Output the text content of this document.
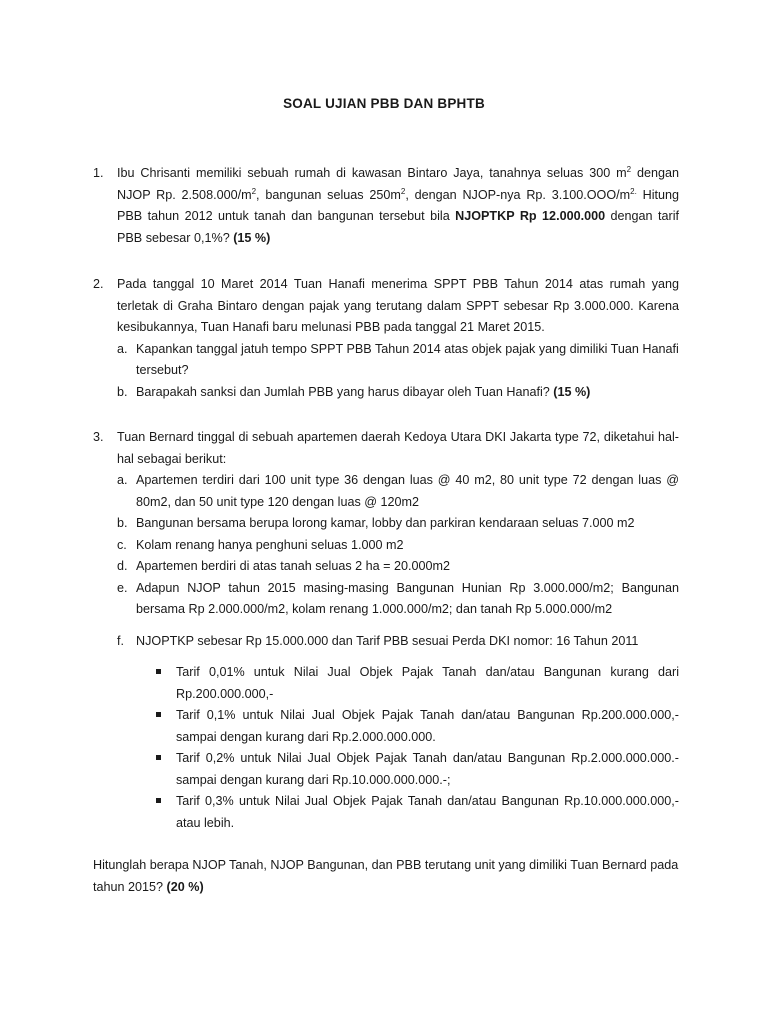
SOAL UJIAN PBB DAN BPHTB
1. Ibu Chrisanti memiliki sebuah rumah di kawasan Bintaro Jaya, tanahnya seluas 300 $m^2$ dengan NJOP Rp. $2.508.000/m^2$, bangunan seluas $250m^2$, dengan NJOP-nya Rp. $3.100.OOO/m^{2.}$ Hitung PBB tahun 2012 untuk tanah dan bangunan tersebut bila NJOPTKP Rp 12.000.000 dengan tarif PBB sebesar 0,1%? (15 %)

2. Pada tanggal 10 Maret 2014 Tuan Hanafi menerima SPPT PBB Tahun 2014 atas rumah yang terletak di Graha Bintaro dengan pajak yang terutang dalam SPPT sebesar Rp 3.000.000. Karena kesibukannya, Tuan Hanafi baru melunasi PBB pada tanggal 21 Maret 2015.

a. Kapankan tanggal jatuh tempo SPPT PBB Tahun 2014 atas objek pajak yang dimiliki Tuan Hanafi tersebut?
b. Barapakah sanksi dan Jumlah PBB yang harus dibayar oleh Tuan Hanafi? (15 %)
3. Tuan Bernard tinggal di sebuah apartemen daerah Kedoya Utara DKI Jakarta type 72, diketahui hal-hal sebagai berikut:

a. Apartemen terdiri dari 100 unit type 36 dengan luas @ 40 m2, 80 unit type 72 dengan luas @ 80m2, dan 50 unit type 120 dengan luas @ 120m2
b. Bangunan bersama berupa lorong kamar, lobby dan parkiran kendaraan seluas 7.000 m2
c. Kolam renang hanya penghuni seluas 1.000 m2
d. Apartemen berdiri di atas tanah seluas 2 ha = 20.000m2
e. Adapun NJOP tahun 2015 masing-masing Bangunan Hunian Rp 3.000.000/m2; Bangunan bersama Rp 2.000.000/m2, kolam renang 1.000.000/m2; dan tanah Rp 5.000.000/m2
f. NJOPTKP sebesar Rp 15.000.000 dan Tarif PBB sesuai Perda DKI nomor: 16 Tahun 2011
Tarif 0,01% untuk Nilai Jual Objek Pajak Tanah dan/atau Bangunan kurang dari Rp.200.000.000,-
Tarif 0,1% untuk Nilai Jual Objek Pajak Tanah dan/atau Bangunan Rp.200.000.000,- sampai dengan kurang dari Rp.2.000.000.000.
Tarif 0,2% untuk Nilai Jual Objek Pajak Tanah dan/atau Bangunan Rp.2.000.000.000.- sampai dengan kurang dari Rp.10.000.000.000.-;
Tarif 0,3% untuk Nilai Jual Objek Pajak Tanah dan/atau Bangunan Rp.10.000.000.000,- atau lebih.

Hitunglah berapa NJOP Tanah, NJOP Bangunan, dan PBB terutang unit yang dimiliki Tuan Bernard pada tahun 2015? (20 %)
